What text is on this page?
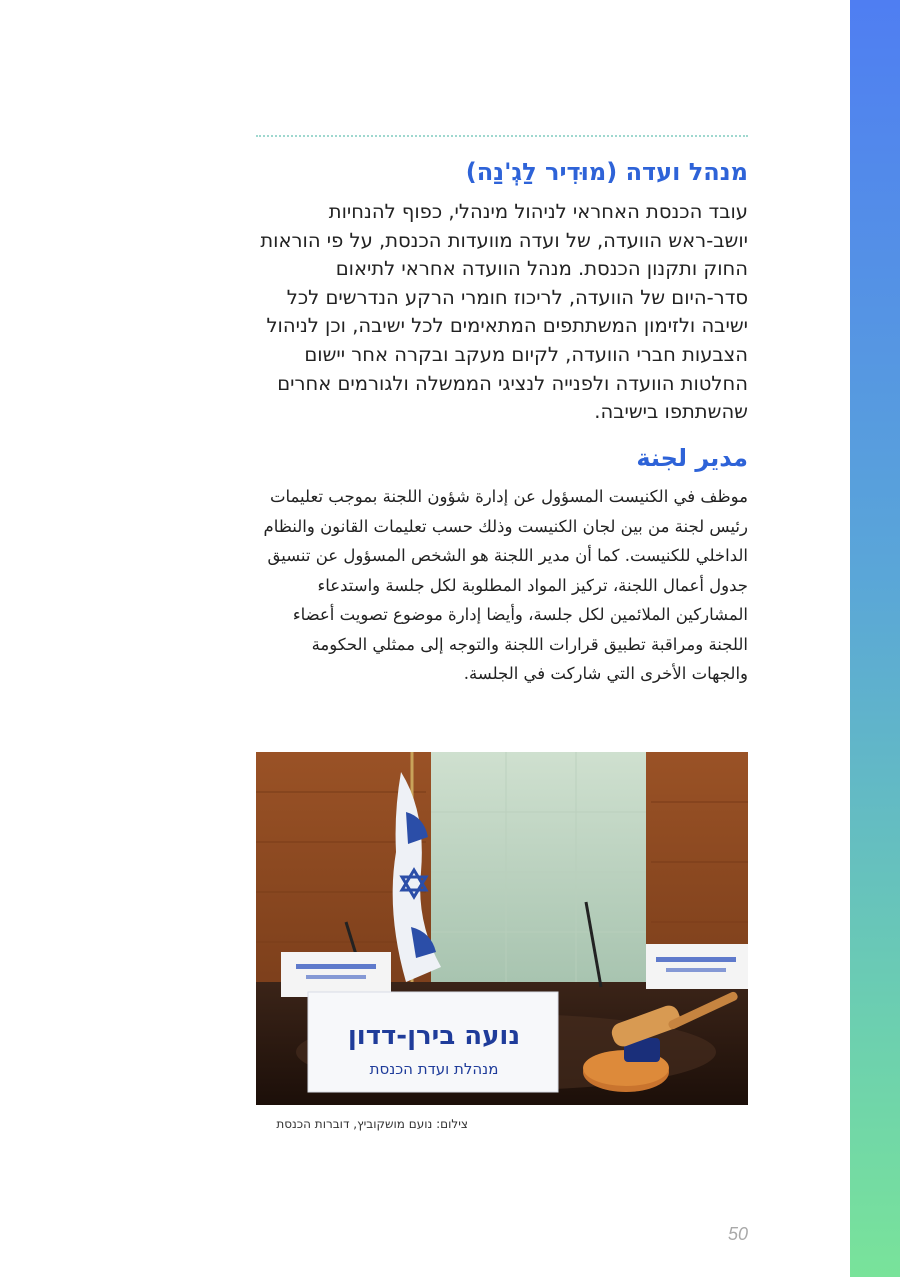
מנהל ועדה (מוּדִיר לַגְ'נַה)

עובד הכנסת האחראי לניהול מינהלי, כפוף להנחיות יושב-ראש הוועדה, של ועדה מוועדות הכנסת, על פי הוראות החוק ותקנון הכנסת. מנהל הוועדה אחראי לתיאום סדר-היום של הוועדה, לריכוז חומרי הרקע הנדרשים לכל ישיבה ולזימון המשתתפים המתאימים לכל ישיבה, וכן לניהול הצבעות חברי הוועדה, לקיום מעקב ובקרה אחר יישום החלטות הוועדה ולפנייה לנציגי הממשלה ולגורמים אחרים שהשתתפו בישיבה.

مدير لجنة

موظف في الكنيست المسؤول عن إدارة شؤون اللجنة بموجب تعليمات رئيس لجنة من بين لجان الكنيست وذلك حسب تعليمات القانون والنظام الداخلي للكنيست. كما أن مدير اللجنة هو الشخص المسؤول عن تنسيق جدول أعمال اللجنة، تركيز المواد المطلوبة لكل جلسة واستدعاء المشاركين الملائمين لكل جلسة، وأيضا إدارة موضوع تصويت أعضاء اللجنة ومراقبة تطبيق قرارات اللجنة والتوجه إلى ممثلي الحكومة والجهات الأخرى التي شاركت في الجلسة.

נועה בירן-דדון
מנהלת ועדת הכנסת
צילום: נועם מושקוביץ, דוברות הכנסת
50
